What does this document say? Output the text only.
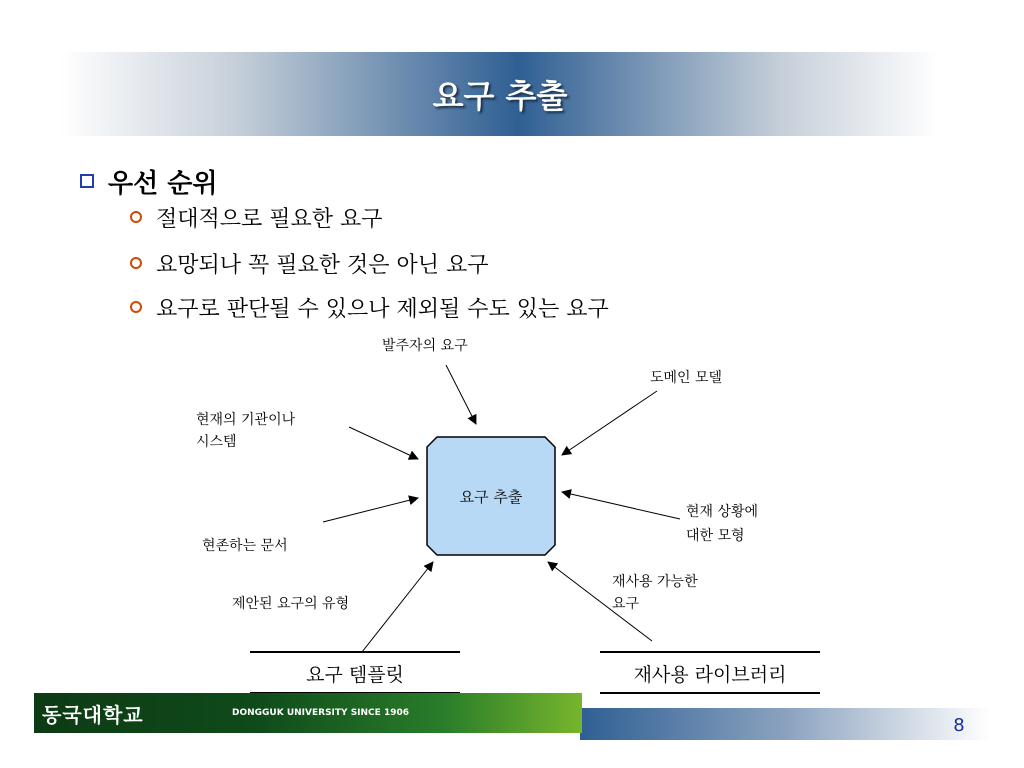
요구 추출
우선 순위
절대적으로 필요한 요구
요망되나 꼭 필요한 것은 아닌 요구
요구로 판단될 수 있으나 제외될 수도 있는 요구
요구 추출
발주자의 요구
도메인 모델
현재의 기관이나
시스템
현존하는 문서
현재 상황에
대한 모형
제안된 요구의 유형
재사용 가능한
요구
요구 템플릿	재사용 라이브러리
동국대학교	DONGGUK UNIVERSITY SINCE 1906
8
